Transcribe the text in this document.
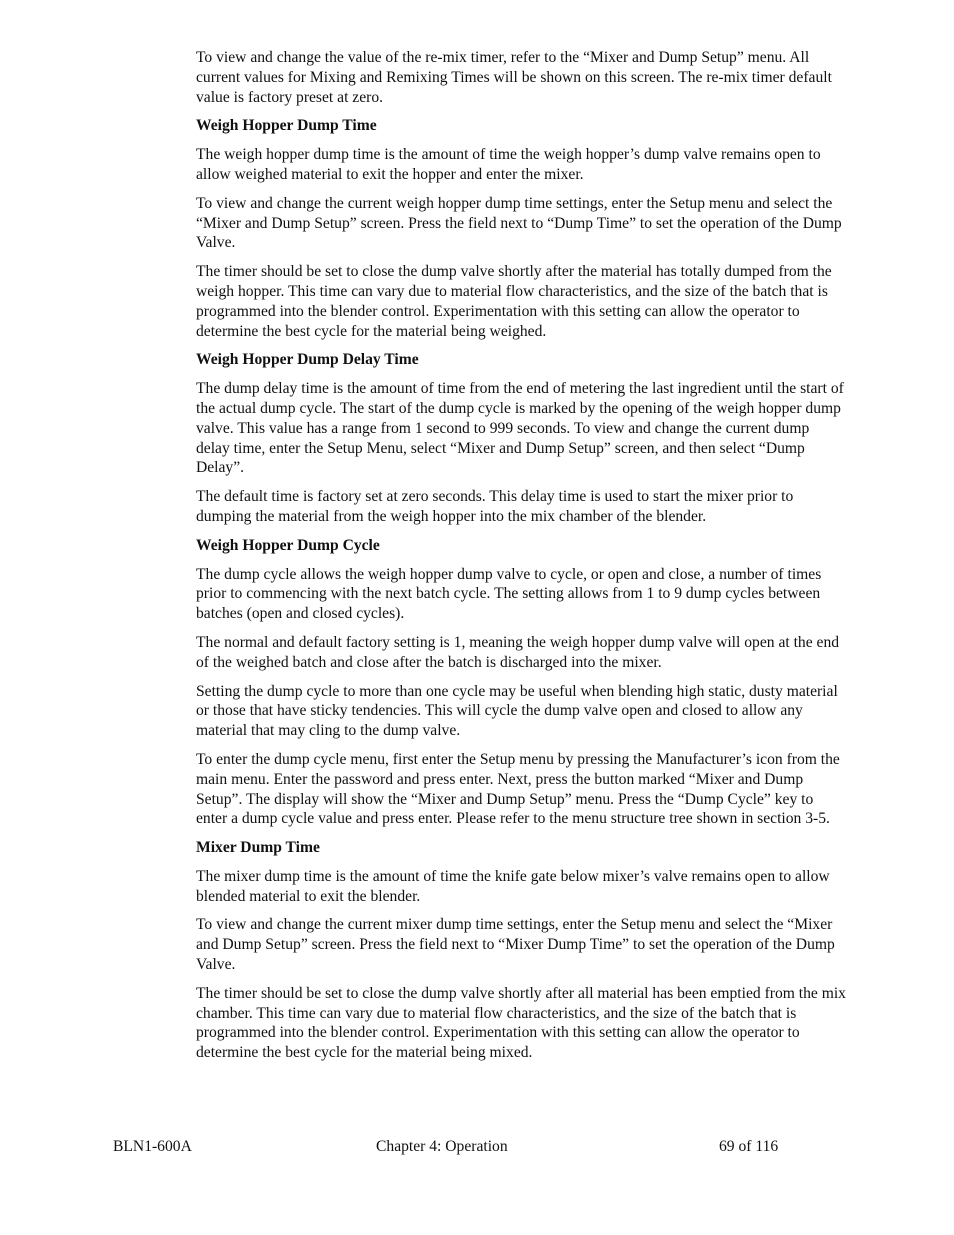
To view and change the value of the re-mix timer, refer to the “Mixer and Dump Setup” menu. All current values for Mixing and Remixing Times will be shown on this screen. The re-mix timer default value is factory preset at zero.

Weigh Hopper Dump Time

The weigh hopper dump time is the amount of time the weigh hopper’s dump valve remains open to allow weighed material to exit the hopper and enter the mixer.

To view and change the current weigh hopper dump time settings, enter the Setup menu and select the “Mixer and Dump Setup” screen. Press the field next to “Dump Time” to set the operation of the Dump Valve.

The timer should be set to close the dump valve shortly after the material has totally dumped from the weigh hopper. This time can vary due to material flow characteristics, and the size of the batch that is programmed into the blender control. Experimentation with this setting can allow the operator to determine the best cycle for the material being weighed.

Weigh Hopper Dump Delay Time

The dump delay time is the amount of time from the end of metering the last ingredient until the start of the actual dump cycle. The start of the dump cycle is marked by the opening of the weigh hopper dump valve. This value has a range from 1 second to 999 seconds. To view and change the current dump delay time, enter the Setup Menu, select “Mixer and Dump Setup” screen, and then select “Dump Delay”.

The default time is factory set at zero seconds. This delay time is used to start the mixer prior to dumping the material from the weigh hopper into the mix chamber of the blender.

Weigh Hopper Dump Cycle

The dump cycle allows the weigh hopper dump valve to cycle, or open and close, a number of times prior to commencing with the next batch cycle. The setting allows from 1 to 9 dump cycles between batches (open and closed cycles).

The normal and default factory setting is 1, meaning the weigh hopper dump valve will open at the end of the weighed batch and close after the batch is discharged into the mixer.

Setting the dump cycle to more than one cycle may be useful when blending high static, dusty material or those that have sticky tendencies. This will cycle the dump valve open and closed to allow any material that may cling to the dump valve.

To enter the dump cycle menu, first enter the Setup menu by pressing the Manufacturer’s icon from the main menu. Enter the password and press enter. Next, press the button marked “Mixer and Dump Setup”. The display will show the “Mixer and Dump Setup” menu. Press the “Dump Cycle” key to enter a dump cycle value and press enter. Please refer to the menu structure tree shown in section 3-5.

Mixer Dump Time

The mixer dump time is the amount of time the knife gate below mixer’s valve remains open to allow blended material to exit the blender.

To view and change the current mixer dump time settings, enter the Setup menu and select the “Mixer and Dump Setup” screen. Press the field next to “Mixer Dump Time” to set the operation of the Dump Valve.

The timer should be set to close the dump valve shortly after all material has been emptied from the mix chamber. This time can vary due to material flow characteristics, and the size of the batch that is programmed into the blender control. Experimentation with this setting can allow the operator to determine the best cycle for the material being mixed.

BLN1-600A	Chapter 4: Operation	69 of 116
